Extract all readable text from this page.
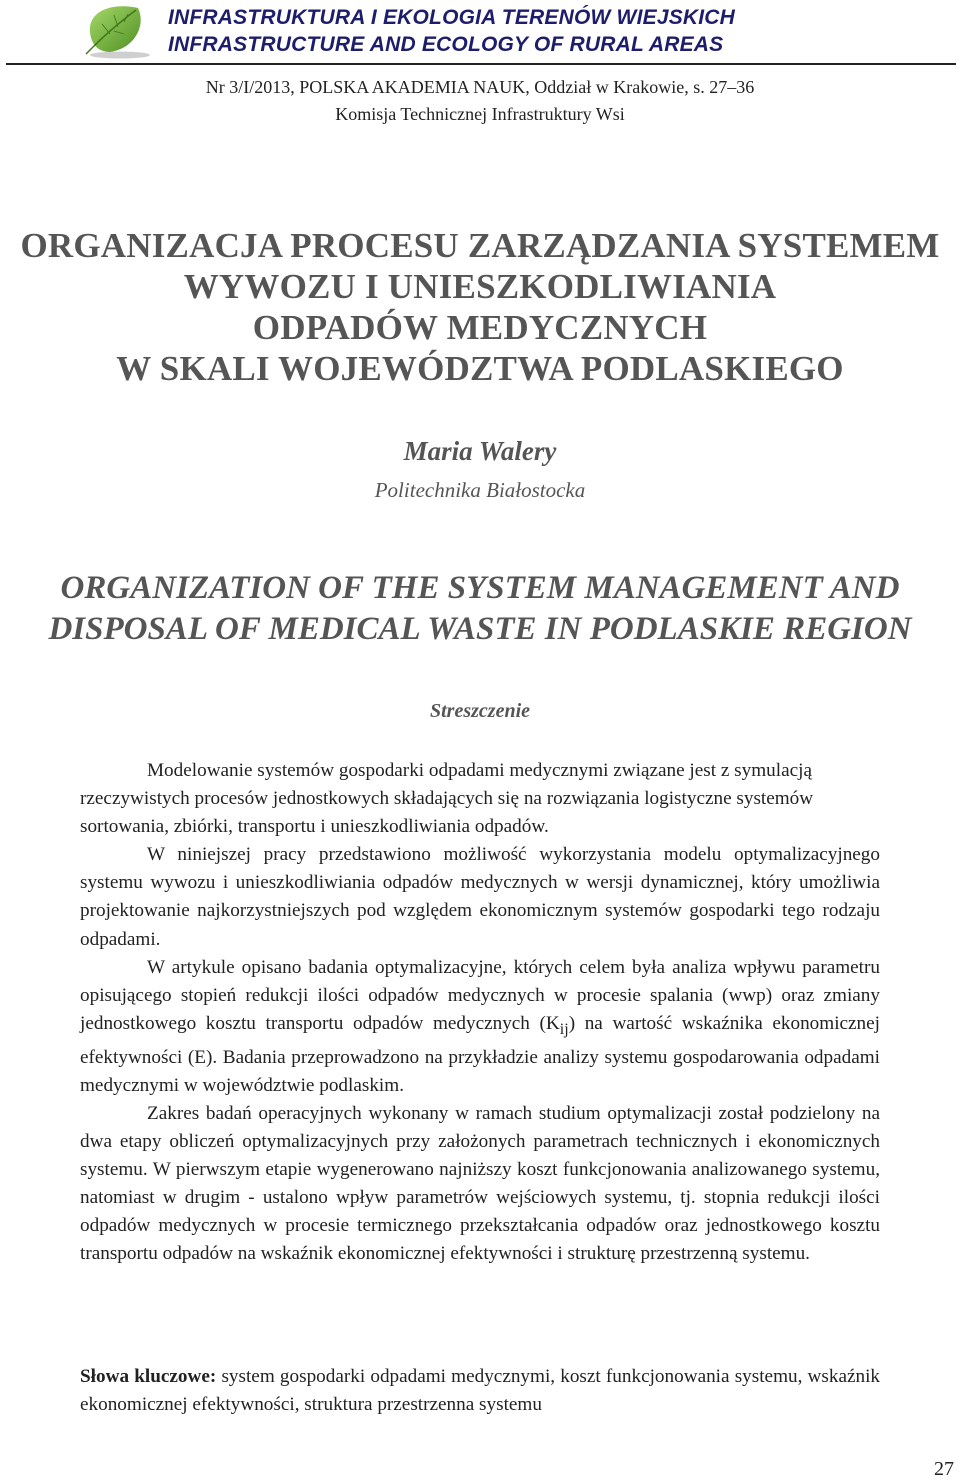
INFRASTRUKTURA I EKOLOGIA TERENÓW WIEJSKICH
INFRASTRUCTURE AND ECOLOGY OF RURAL AREAS
Nr 3/I/2013, POLSKA AKADEMIA NAUK, Oddział w Krakowie, s. 27–36
Komisja Technicznej Infrastruktury Wsi
ORGANIZACJA PROCESU ZARZĄDZANIA SYSTEMEM
WYWOZU I UNIESZKODLIWIANIA
ODPADÓW MEDYCZNYCH
W SKALI WOJEWÓDZTWA PODLASKIEGO
Maria Walery
Politechnika Białostocka
ORGANIZATION OF THE SYSTEM MANAGEMENT AND
DISPOSAL OF MEDICAL WASTE IN PODLASKIE REGION
Streszczenie

Modelowanie systemów gospodarki odpadami medycznymi związane jest z symulacją rzeczywistych procesów jednostkowych składających się na rozwiązania logistyczne systemów sortowania, zbiórki, transportu i unieszkodliwiania odpadów.

W niniejszej pracy przedstawiono możliwość wykorzystania modelu optymalizacyjnego systemu wywozu i unieszkodliwiania odpadów medycznych w wersji dynamicznej, który umożliwia projektowanie najkorzystniejszych pod względem ekonomicznym systemów gospodarki tego rodzaju odpadami.

W artykule opisano badania optymalizacyjne, których celem była analiza wpływu parametru opisującego stopień redukcji ilości odpadów medycznych w procesie spalania (wwp) oraz zmiany jednostkowego kosztu transportu odpadów medycznych $(K_{ij})$ na wartość wskaźnika ekonomicznej efektywności (E). Badania przeprowadzono na przykładzie analizy systemu gospodarowania odpadami medycznymi w województwie podlaskim.

Zakres badań operacyjnych wykonany w ramach studium optymalizacji został podzielony na dwa etapy obliczeń optymalizacyjnych przy założonych parametrach technicznych i ekonomicznych systemu. W pierwszym etapie wygenerowano najniższy koszt funkcjonowania analizowanego systemu, natomiast w drugim - ustalono wpływ parametrów wejściowych systemu, tj. stopnia redukcji ilości odpadów medycznych w procesie termicznego przekształcania odpadów oraz jednostkowego kosztu transportu odpadów na wskaźnik ekonomicznej efektywności i strukturę przestrzenną systemu.

Słowa kluczowe: system gospodarki odpadami medycznymi, koszt funkcjonowania systemu, wskaźnik ekonomicznej efektywności, struktura przestrzenna systemu
27
